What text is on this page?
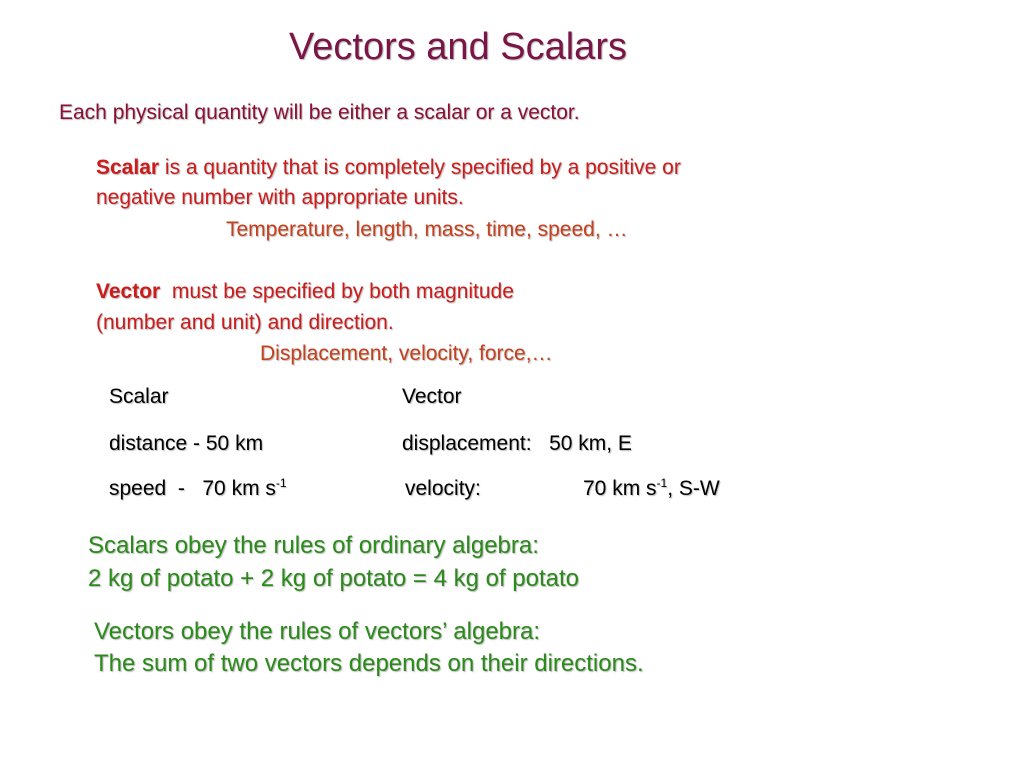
Vectors and Scalars
Each physical quantity will be either a scalar or a vector.
Scalar is a quantity that is completely specified by a positive or
negative number with appropriate units.
Temperature, length, mass, time, speed, …
Vector  must be specified by both magnitude
(number and unit) and direction.
Displacement, velocity, force,…
Scalar	Vector
distance - 50 km	displacement:   50 km, E
speed  -   70 km $s^{-1}$	velocity:	70 km $s^{-1}$, S-W
Scalars obey the rules of ordinary algebra:
2 kg of potato + 2 kg of potato = 4 kg of potato
Vectors obey the rules of vectors’ algebra:
The sum of two vectors depends on their directions.
